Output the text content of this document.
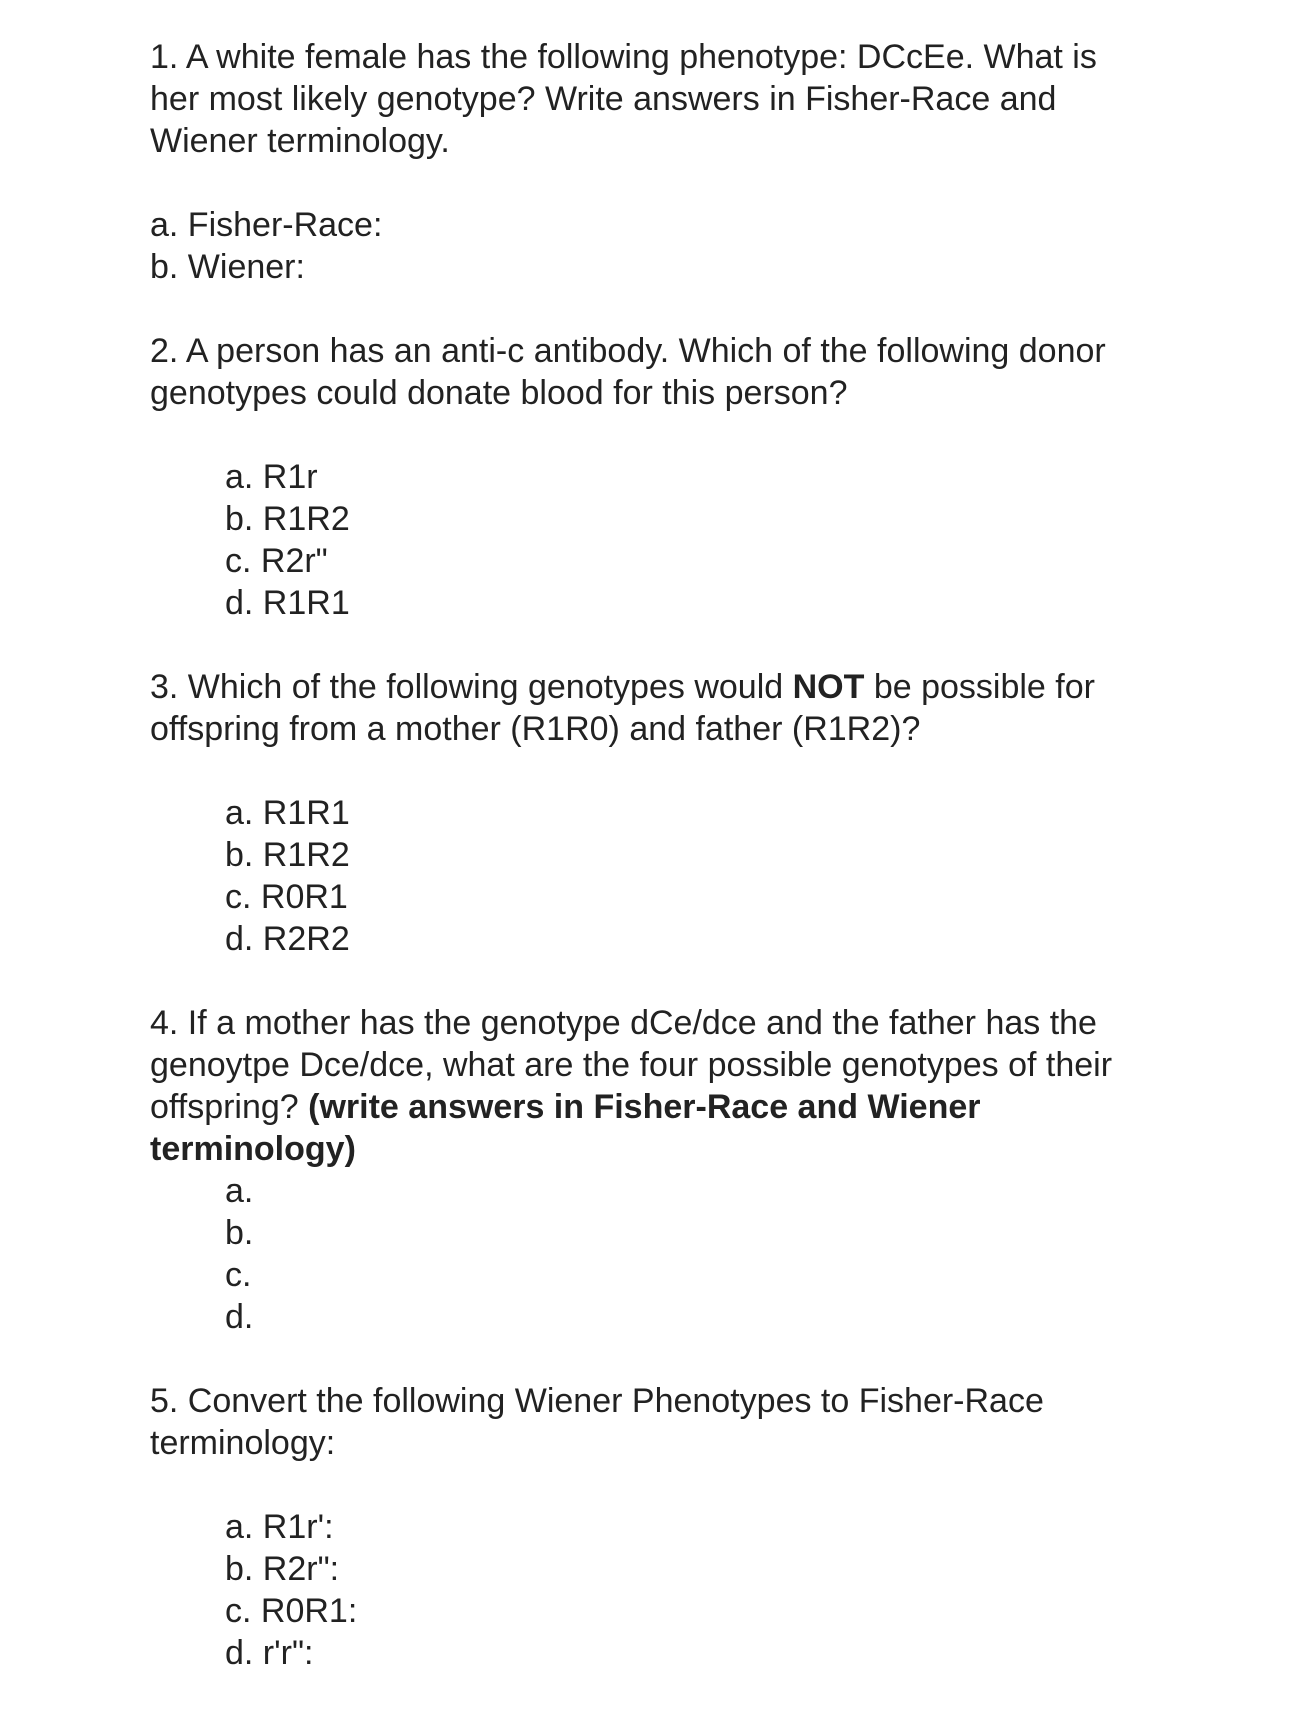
1. A white female has the following phenotype: DCcEe. What is her most likely genotype? Write answers in Fisher-Race and Wiener terminology.

a. Fisher-Race:
b. Wiener:

2. A person has an anti-c antibody. Which of the following donor genotypes could donate blood for this person?

a. R1r
b. R1R2
c. R2r"
d. R1R1

3. Which of the following genotypes would NOT be possible for offspring from a mother (R1R0) and father (R1R2)?

a. R1R1
b. R1R2
c. R0R1
d. R2R2

4. If a mother has the genotype dCe/dce and the father has the genoytpe Dce/dce, what are the four possible genotypes of their offspring? (write answers in Fisher-Race and Wiener terminology)

a.
b.
c.
d.

5. Convert the following Wiener Phenotypes to Fisher-Race terminology:

a. R1r':
b. R2r":
c. R0R1:
d. r'r":
